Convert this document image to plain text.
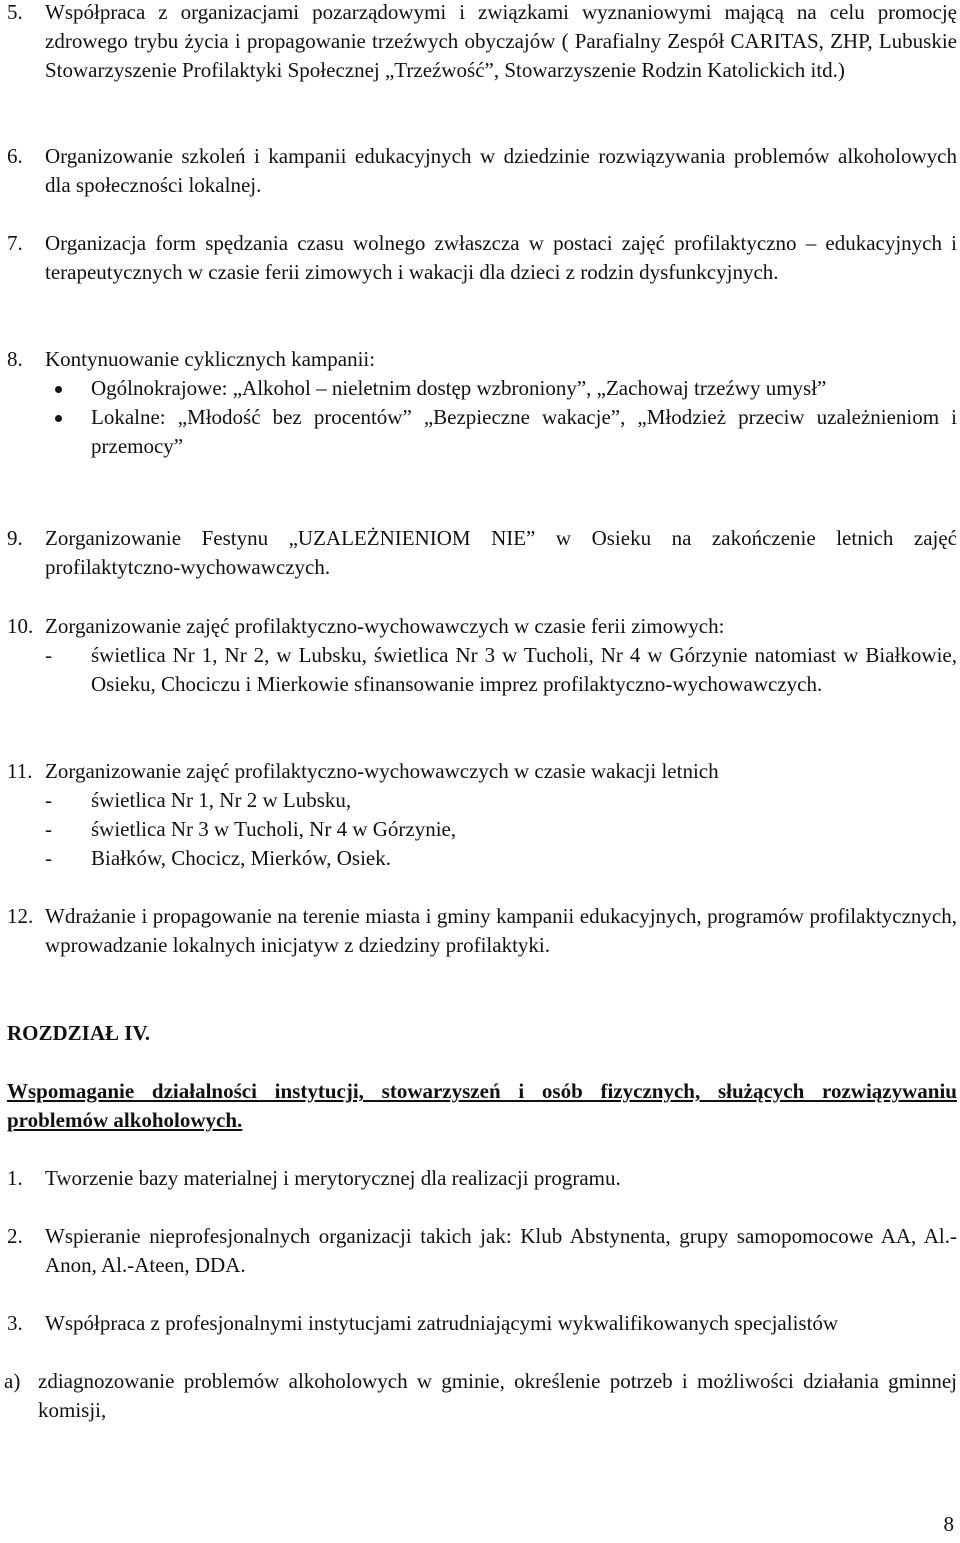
5. Współpraca z organizacjami pozarządowymi i związkami wyznaniowymi mającą na celu promocję zdrowego trybu życia i propagowanie trzeźwych obyczajów ( Parafialny Zespół CARITAS, ZHP, Lubuskie Stowarzyszenie Profilaktyki Społecznej „Trzeźwość”, Stowarzyszenie Rodzin Katolickich itd.)
6. Organizowanie szkoleń i kampanii edukacyjnych w dziedzinie rozwiązywania problemów alkoholowych dla społeczności lokalnej.
7. Organizacja form spędzania czasu wolnego zwłaszcza w postaci zajęć profilaktyczno – edukacyjnych i terapeutycznych w czasie ferii zimowych i wakacji dla dzieci z rodzin dysfunkcyjnych.
8. Kontynuowanie cyklicznych kampanii:
Ogólnokrajowe: „Alkohol – nieletnim dostęp wzbroniony”, „Zachowaj trzeźwy umysł”
Lokalne: „Młodość bez procentów” „Bezpieczne wakacje”, „Młodzież przeciw uzależnieniom i przemocy”
9. Zorganizowanie Festynu „UZALEŻNIENIOM NIE” w Osieku na zakończenie letnich zajęć profilaktytczno-wychowawczych.
10. Zorganizowanie zajęć profilaktyczno-wychowawczych w czasie ferii zimowych:
- świetlica Nr 1, Nr 2, w Lubsku, świetlica Nr 3 w Tucholi, Nr 4 w Górzynie natomiast w Białkowie, Osieku, Chociczu i Mierkowie sfinansowanie imprez profilaktyczno-wychowawczych.
11. Zorganizowanie zajęć profilaktyczno-wychowawczych w czasie wakacji letnich
- świetlica Nr 1, Nr 2 w Lubsku,
- świetlica Nr 3 w Tucholi, Nr 4 w Górzynie,
- Białków, Chocicz, Mierków, Osiek.
12. Wdrażanie i propagowanie na terenie miasta i gminy kampanii edukacyjnych, programów profilaktycznych, wprowadzanie lokalnych inicjatyw z dziedziny profilaktyki.
ROZDZIAŁ IV.
Wspomaganie działalności instytucji, stowarzyszeń i osób fizycznych, służących rozwiązywaniu problemów alkoholowych.
1. Tworzenie bazy materialnej i merytorycznej dla realizacji programu.
2. Wspieranie nieprofesjonalnych organizacji takich jak: Klub Abstynenta, grupy samopomocowe AA, Al.-Anon, Al.-Ateen, DDA.
3. Współpraca z profesjonalnymi instytucjami zatrudniającymi wykwalifikowanych specjalistów
a) zdiagnozowanie problemów alkoholowych w gminie, określenie potrzeb i możliwości działania gminnej komisji,
8
